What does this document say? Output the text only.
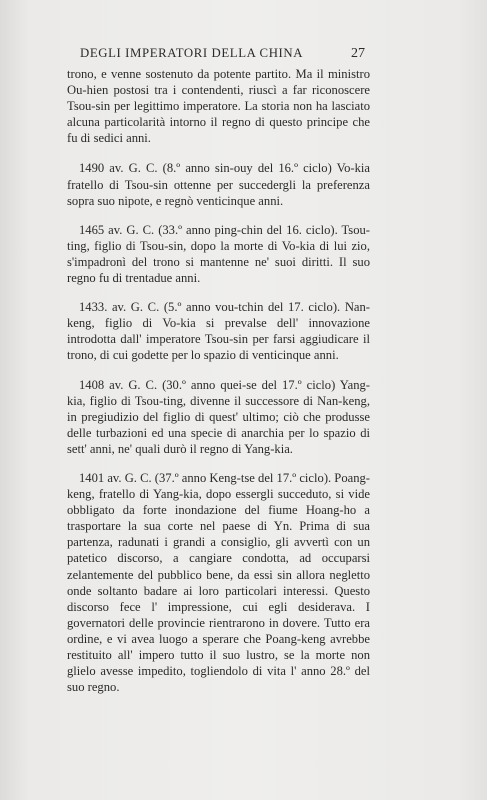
DEGLI IMPERATORI DELLA CHINA	27

trono, e venne sostenuto da potente partito. Ma il ministro Ou-hien postosi tra i contendenti, riuscì a far riconoscere Tsou-sin per legittimo imperatore. La storia non ha lasciato alcuna particolarità intorno il regno di questo principe che fu di sedici anni.

1490 av. G. C. (8.º anno sin-ouy del 16.º ciclo) Vo-kia fratello di Tsou-sin ottenne per succedergli la preferenza sopra suo nipote, e regnò venticinque anni.

1465 av. G. C. (33.º anno ping-chin del 16. ciclo). Tsou-ting, figlio di Tsou-sin, dopo la morte di Vo-kia di lui zio, s'impadronì del trono si mantenne ne' suoi diritti. Il suo regno fu di trentadue anni.

1433. av. G. C. (5.º anno vou-tchin del 17. ciclo). Nan-keng, figlio di Vo-kia si prevalse dell' innovazione introdotta dall' imperatore Tsou-sin per farsi aggiudicare il trono, di cui godette per lo spazio di venticinque anni.

1408 av. G. C. (30.º anno quei-se del 17.º ciclo) Yang-kia, figlio di Tsou-ting, divenne il successore di Nan-keng, in pregiudizio del figlio di quest' ultimo; ciò che produsse delle turbazioni ed una specie di anarchia per lo spazio di sett' anni, ne' quali durò il regno di Yang-kia.

1401 av. G. C. (37.º anno Keng-tse del 17.º ciclo). Poang-keng, fratello di Yang-kia, dopo essergli succeduto, si vide obbligato da forte inondazione del fiume Hoang-ho a trasportare la sua corte nel paese di Yn. Prima di sua partenza, radunati i grandi a consiglio, gli avvertì con un patetico discorso, a cangiare condotta, ad occuparsi zelantemente del pubblico bene, da essi sin allora negletto onde soltanto badare ai loro particolari interessi. Questo discorso fece l' impressione, cui egli desiderava. I governatori delle provincie rientrarono in dovere. Tutto era ordine, e vi avea luogo a sperare che Poang-keng avrebbe restituito all' impero tutto il suo lustro, se la morte non glielo avesse impedito, togliendolo di vita l' anno 28.º del suo regno.
